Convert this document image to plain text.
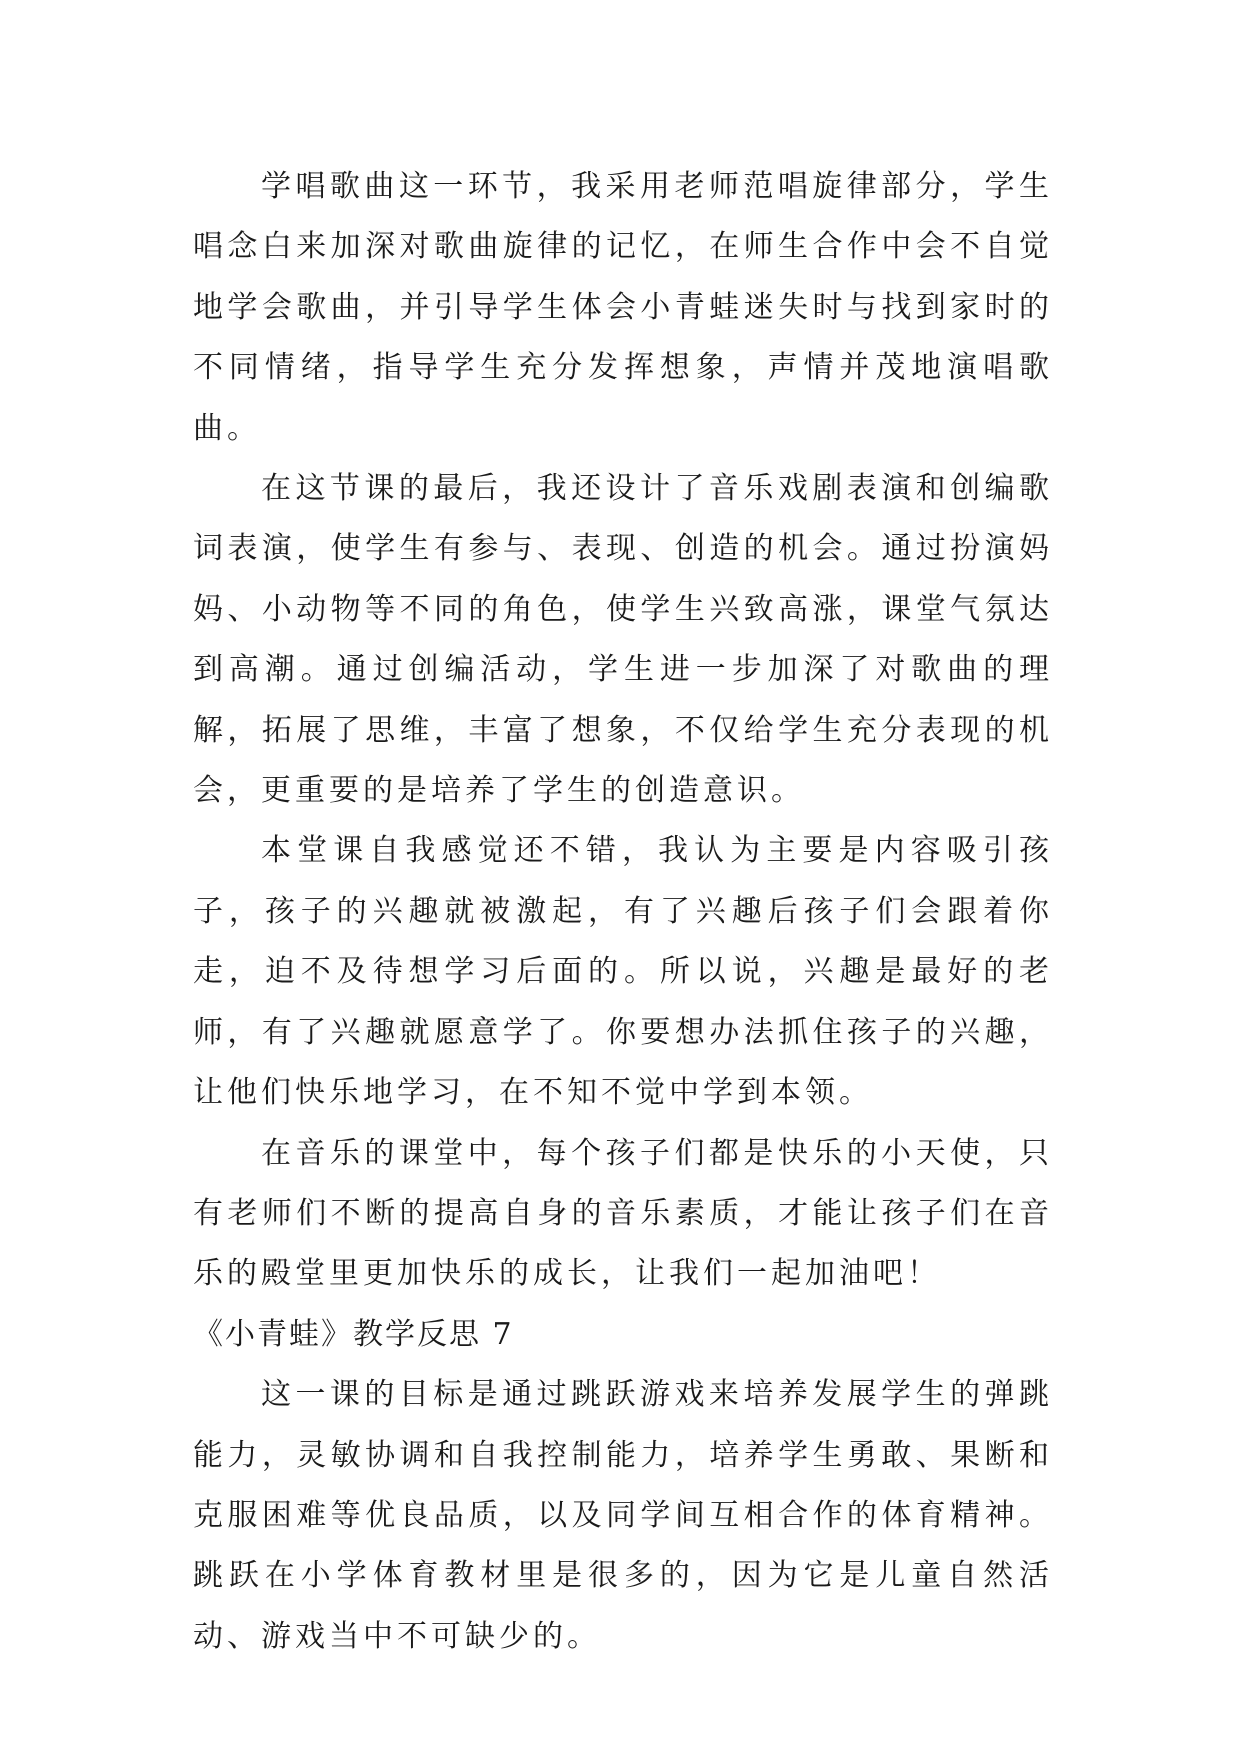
学唱歌曲这一环节，我采用老师范唱旋律部分，学生唱念白来加深对歌曲旋律的记忆，在师生合作中会不自觉地学会歌曲，并引导学生体会小青蛙迷失时与找到家时的不同情绪，指导学生充分发挥想象，声情并茂地演唱歌曲。

在这节课的最后，我还设计了音乐戏剧表演和创编歌词表演，使学生有参与、表现、创造的机会。通过扮演妈妈、小动物等不同的角色，使学生兴致高涨，课堂气氛达到高潮。通过创编活动，学生进一步加深了对歌曲的理解，拓展了思维，丰富了想象，不仅给学生充分表现的机会，更重要的是培养了学生的创造意识。

本堂课自我感觉还不错，我认为主要是内容吸引孩子，孩子的兴趣就被激起，有了兴趣后孩子们会跟着你走，迫不及待想学习后面的。所以说，兴趣是最好的老师，有了兴趣就愿意学了。你要想办法抓住孩子的兴趣，让他们快乐地学习，在不知不觉中学到本领。

在音乐的课堂中，每个孩子们都是快乐的小天使，只有老师们不断的提高自身的音乐素质，才能让孩子们在音乐的殿堂里更加快乐的成长，让我们一起加油吧！

《小青蛙》教学反思 7

这一课的目标是通过跳跃游戏来培养发展学生的弹跳能力，灵敏协调和自我控制能力，培养学生勇敢、果断和克服困难等优良品质，以及同学间互相合作的体育精神。跳跃在小学体育教材里是很多的，因为它是儿童自然活动、游戏当中不可缺少的。
